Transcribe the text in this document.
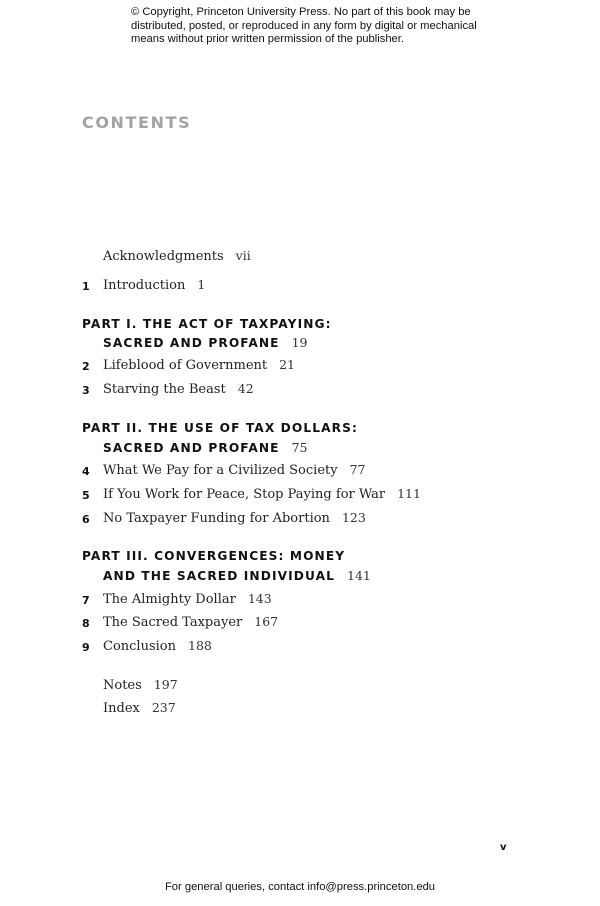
© Copyright, Princeton University Press. No part of this book may be
distributed, posted, or reproduced in any form by digital or mechanical
means without prior written permission of the publisher.
CONTENTS
Acknowledgments vii
1	Introduction 1
PART I. THE ACT OF TAXPAYING:
SACRED AND PROFANE 19
2	Lifeblood of Government 21
3	Starving the Beast 42
PART II. THE USE OF TAX DOLLARS:
SACRED AND PROFANE 75
4	What We Pay for a Civilized Society 77
5	If You Work for Peace, Stop Paying for War 111
6	No Taxpayer Funding for Abortion 123
PART III. CONVERGENCES: MONEY
AND THE SACRED INDIVIDUAL 141
7	The Almighty Dollar 143
8	The Sacred Taxpayer 167
9	Conclusion 188
Notes 197
Index 237
v
For general queries, contact info@press.princeton.edu
